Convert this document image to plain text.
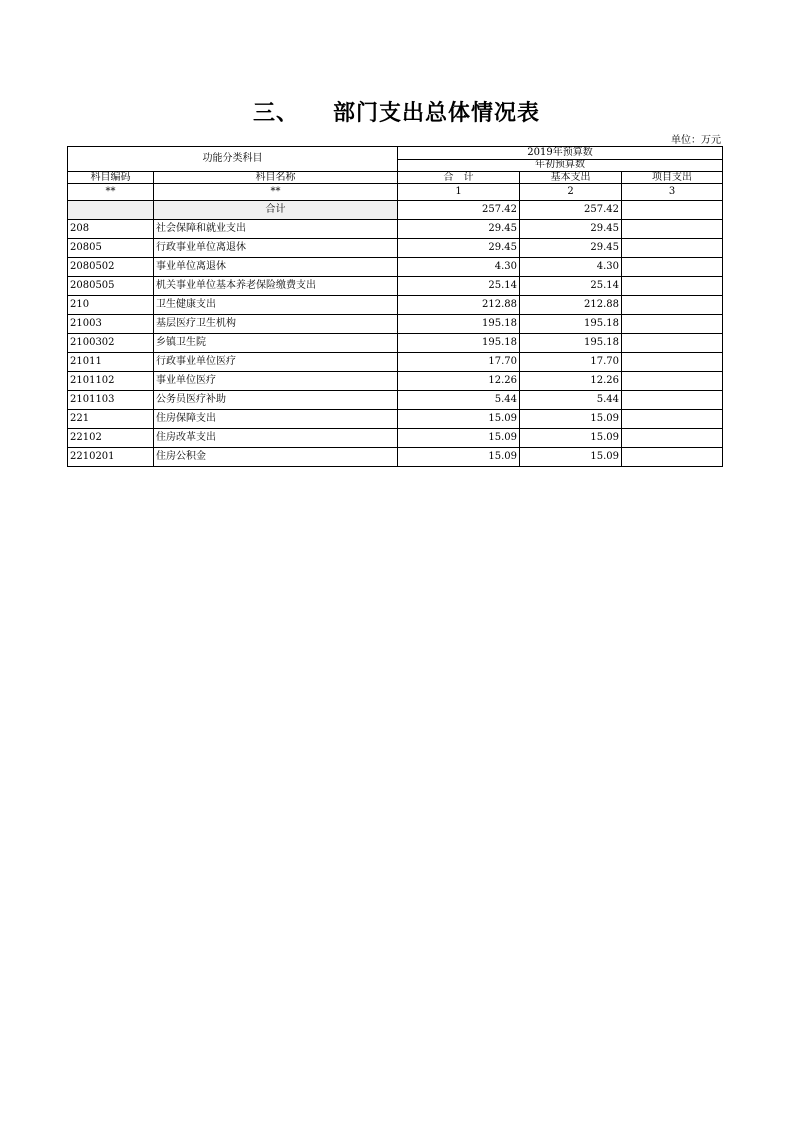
三、 部门支出总体情况表
单位：万元
功能分类科目		2019年预算数		
		年初预算数		
科目编码	科目名称	合　计	基本支出	项目支出
**	**	1	2	3
	合计	257.42	257.42	
208	社会保障和就业支出	29.45	29.45	
20805	行政事业单位离退休	29.45	29.45	
2080502	事业单位离退休	4.30	4.30	
2080505	机关事业单位基本养老保险缴费支出	25.14	25.14	
210	卫生健康支出	212.88	212.88	
21003	基层医疗卫生机构	195.18	195.18	
2100302	乡镇卫生院	195.18	195.18	
21011	行政事业单位医疗	17.70	17.70	
2101102	事业单位医疗	12.26	12.26	
2101103	公务员医疗补助	5.44	5.44	
221	住房保障支出	15.09	15.09	
22102	住房改革支出	15.09	15.09	
2210201	住房公积金	15.09	15.09	
